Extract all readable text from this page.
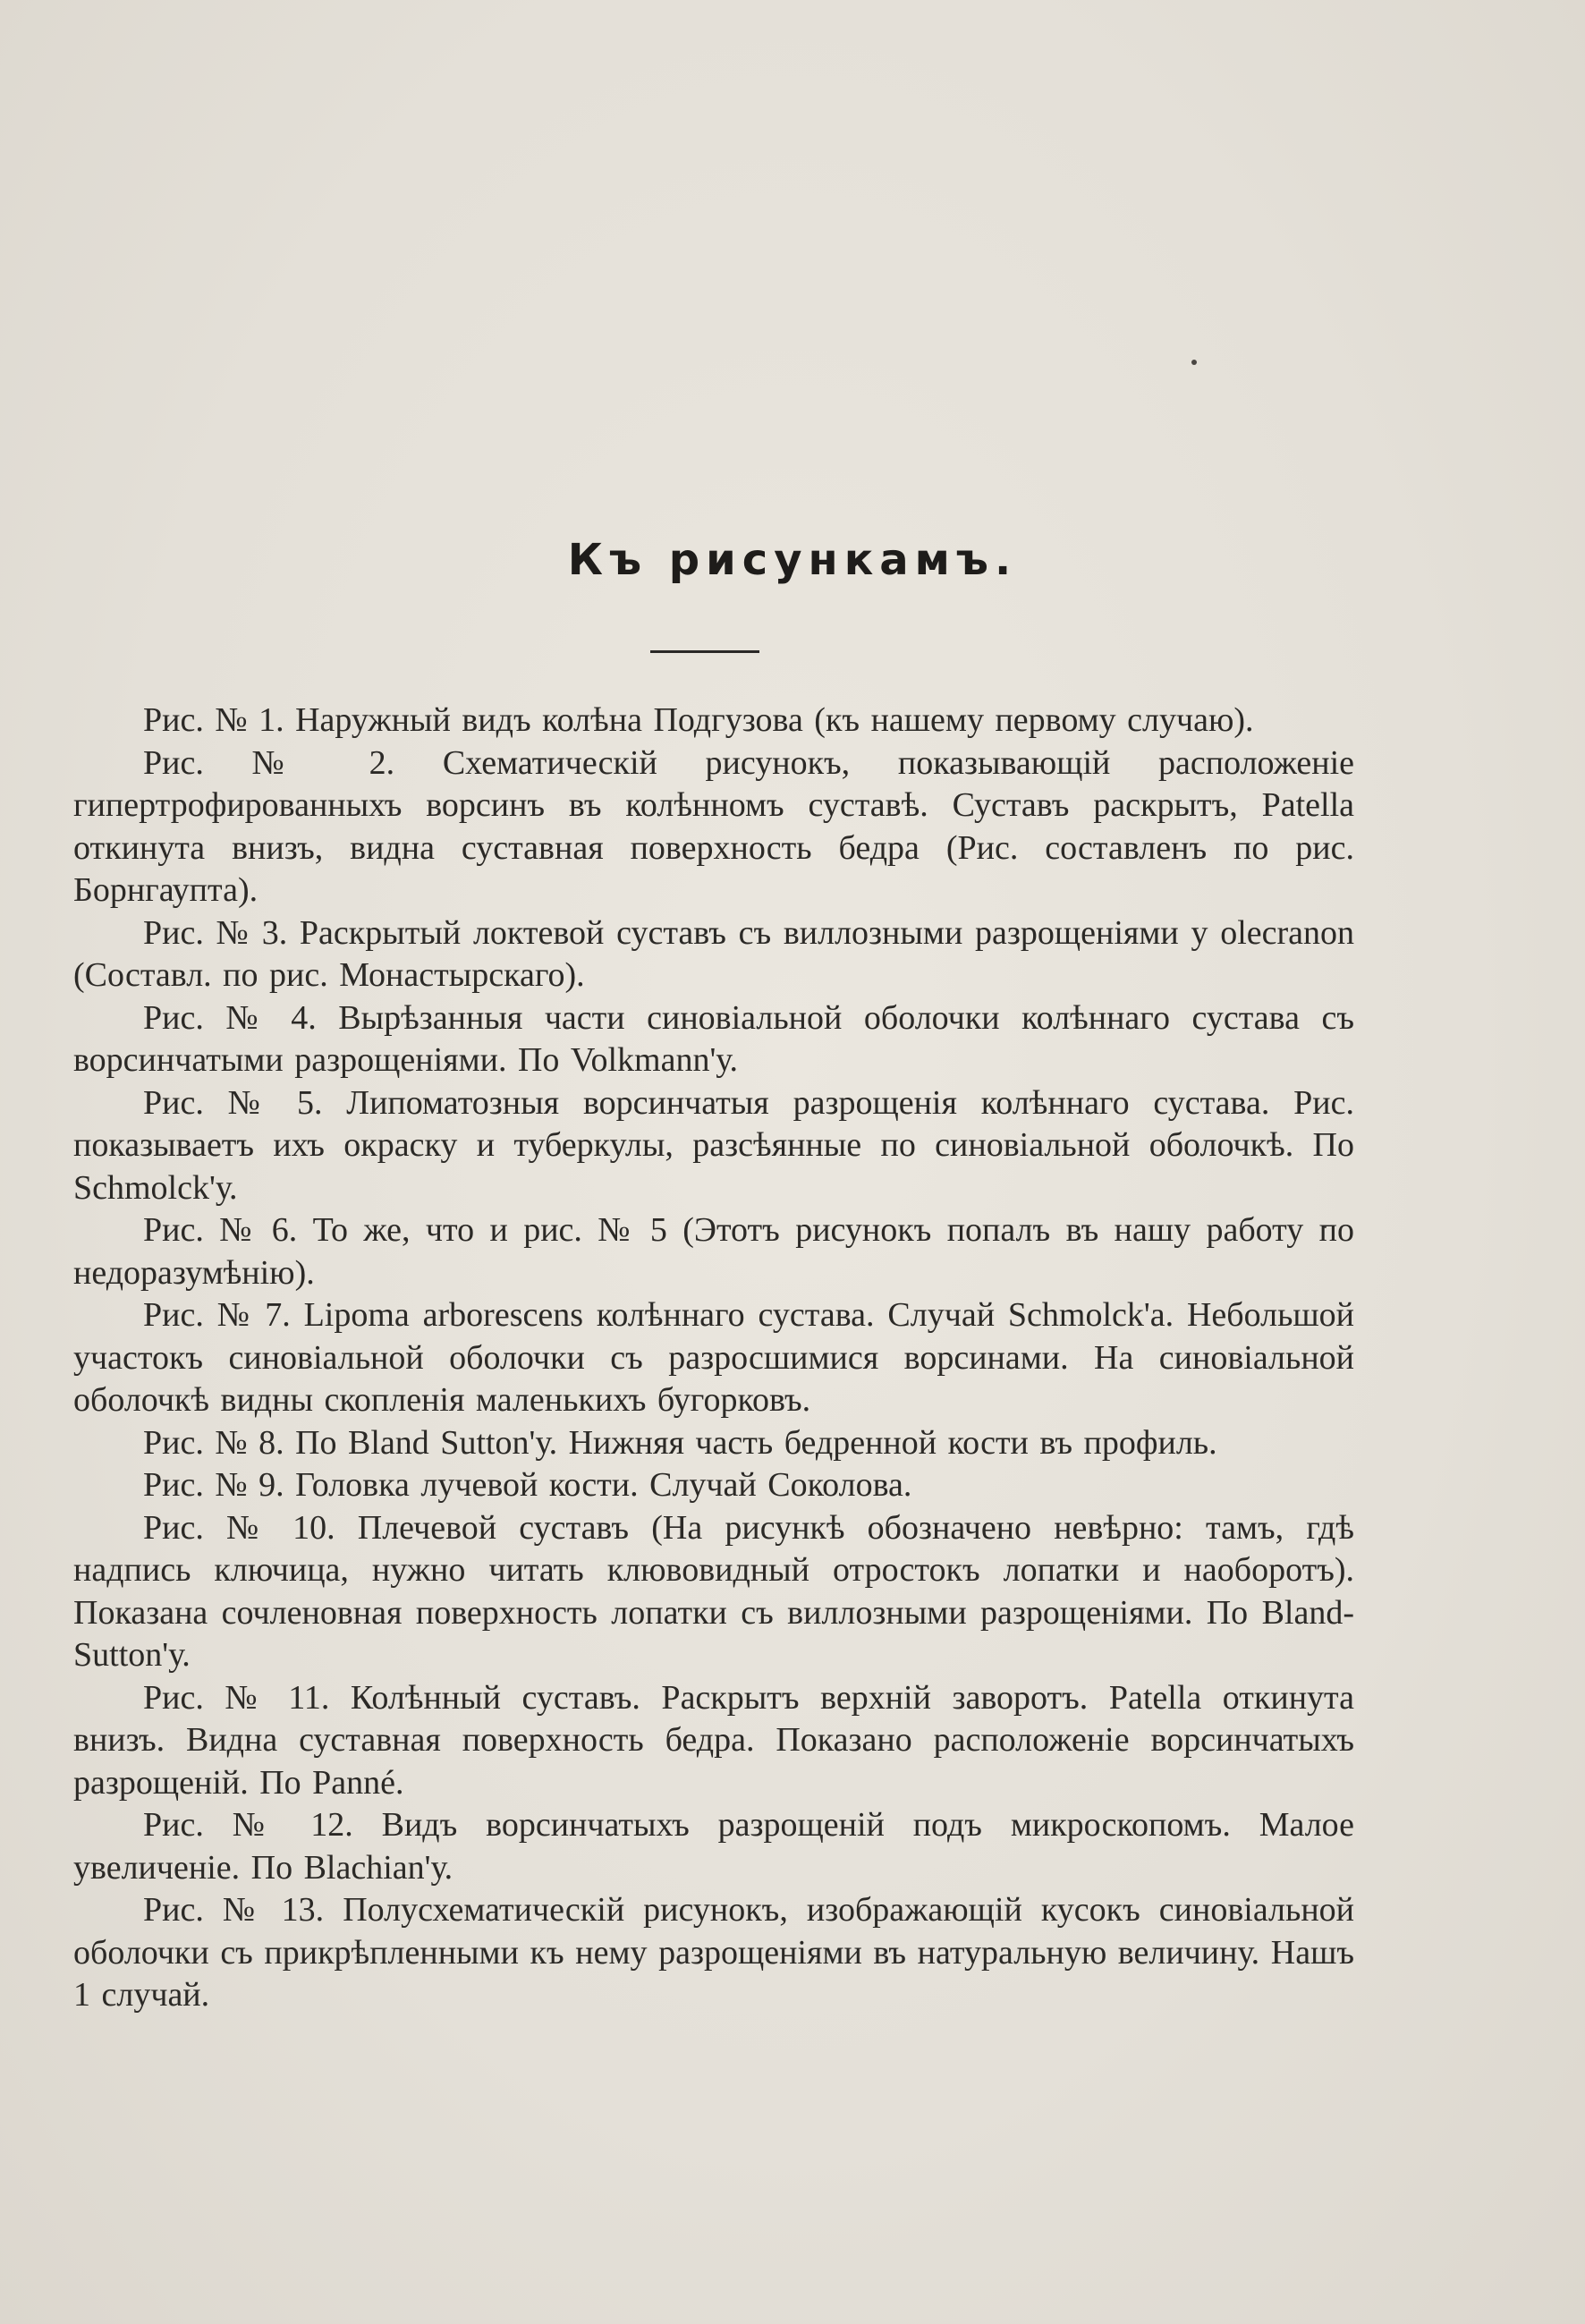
Къ рисункамъ.

Рис. № 1. Наружный видъ колѣна Подгузова (къ нашему первому случаю).

Рис. № 2. Схематическій рисунокъ, показывающій расположеніе гипертрофированныхъ ворсинъ въ колѣнномъ суставѣ. Суставъ раскрытъ, Patella откинута внизъ, видна суставная поверхность бедра (Рис. составленъ по рис. Борнгаупта).

Рис. № 3. Раскрытый локтевой суставъ съ виллозными разрощеніями у olecranon (Составл. по рис. Монастырскаго).

Рис. № 4. Вырѣзанныя части синовіальной оболочки колѣннаго сустава съ ворсинчатыми разрощеніями. По Volkmann'у.

Рис. № 5. Липоматозныя ворсинчатыя разрощенія колѣннаго сустава. Рис. показываетъ ихъ окраску и туберкулы, разсѣянные по синовіальной оболочкѣ. По Schmolck'у.

Рис. № 6. То же, что и рис. № 5 (Этотъ рисунокъ попалъ въ нашу работу по недоразумѣнію).

Рис. № 7. Lipoma arborescens колѣннаго сустава. Случай Schmolck'а. Небольшой участокъ синовіальной оболочки съ разросшимися ворсинами. На синовіальной оболочкѣ видны скопленія маленькихъ бугорковъ.

Рис. № 8. По Bland Sutton'у. Нижняя часть бедренной кости въ профиль.

Рис. № 9. Головка лучевой кости. Случай Соколова.

Рис. № 10. Плечевой суставъ (На рисункѣ обозначено невѣрно: тамъ, гдѣ надпись ключица, нужно читать клювовидный отростокъ лопатки и наоборотъ). Показана сочленовная поверхность лопатки съ виллозными разрощеніями. По Bland-Sutton'у.

Рис. № 11. Колѣнный суставъ. Раскрытъ верхній заворотъ. Patella откинута внизъ. Видна суставная поверхность бедра. Показано расположеніе ворсинчатыхъ разрощеній. По Panné.

Рис. № 12. Видъ ворсинчатыхъ разрощеній подъ микроскопомъ. Малое увеличеніе. По Blachian'у.

Рис. № 13. Полусхематическій рисунокъ, изображающій кусокъ синовіальной оболочки съ прикрѣпленными къ нему разрощеніями въ натуральную величину. Нашъ 1 случай.
